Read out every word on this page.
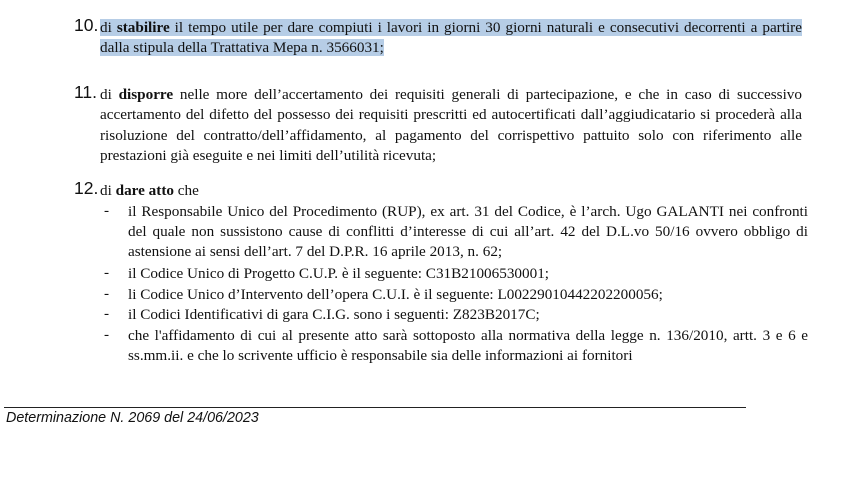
10. di stabilire il tempo utile per dare compiuti i lavori in giorni 30 giorni naturali e consecutivi decorrenti a partire dalla stipula della Trattativa Mepa n. 3566031;
11. di disporre nelle more dell’accertamento dei requisiti generali di partecipazione, e che in caso di successivo accertamento del difetto del possesso dei requisiti prescritti ed autocertificati dall’aggiudicatario si procederà alla risoluzione del contratto/dell’affidamento, al pagamento del corrispettivo pattuito solo con riferimento alle prestazioni già eseguite e nei limiti dell’utilità ricevuta;
12. di dare atto che
- il Responsabile Unico del Procedimento (RUP), ex art. 31 del Codice, è l’arch. Ugo GALANTI nei confronti del quale non sussistono cause di conflitti d’interesse di cui all’art. 42 del D.L.vo 50/16 ovvero obbligo di astensione ai sensi dell’art. 7 del D.P.R. 16 aprile 2013, n. 62;
- il Codice Unico di Progetto C.U.P. è il seguente: C31B21006530001;
- li Codice Unico d’Intervento dell’opera C.U.I. è il seguente: L00229010442202200056;
- il Codici Identificativi di gara C.I.G. sono i seguenti: Z823B2017C;
- che l'affidamento di cui al presente atto sarà sottoposto alla normativa della legge n. 136/2010, artt. 3 e 6 e ss.mm.ii. e che lo scrivente ufficio è responsabile sia delle informazioni ai fornitori
Determinazione N. 2069 del 24/06/2023
